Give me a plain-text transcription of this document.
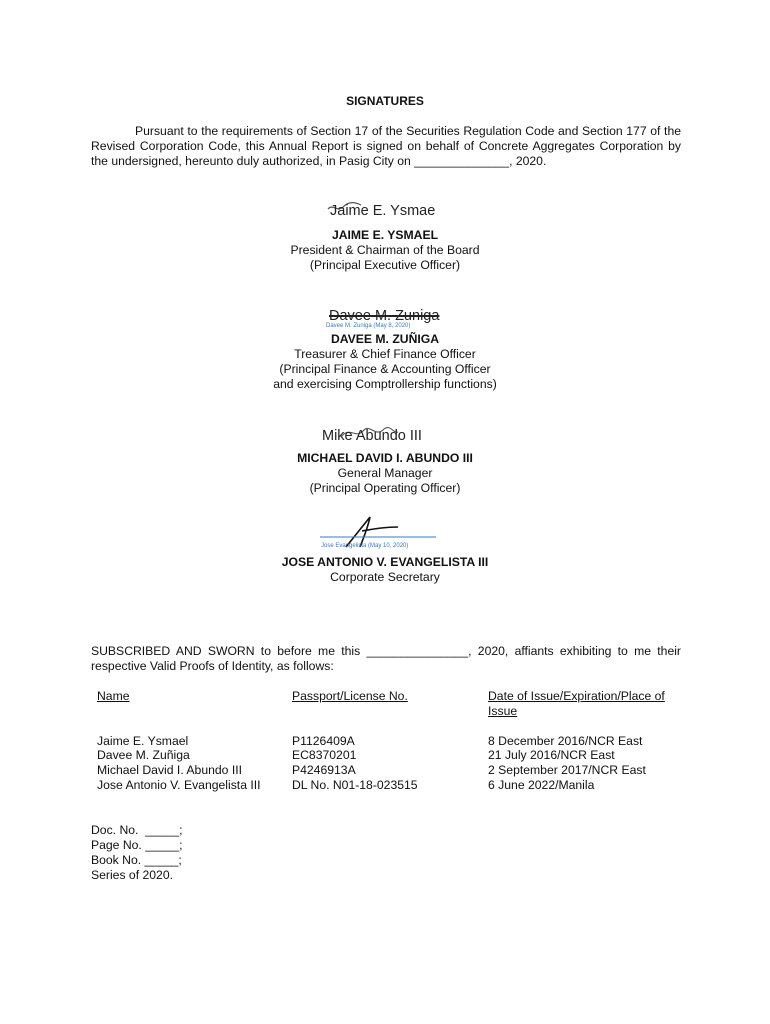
SIGNATURES
Pursuant to the requirements of Section 17 of the Securities Regulation Code and Section 177 of the Revised Corporation Code, this Annual Report is signed on behalf of Concrete Aggregates Corporation by the undersigned, hereunto duly authorized, in Pasig City on ______________, 2020.
Jaime E. Ysmae
JAIME E. YSMAEL
President & Chairman of the Board
(Principal Executive Officer)
Davee M. Zuniga
Davee M. Zuniga (May 8, 2020)
DAVEE M. ZUÑIGA
Treasurer & Chief Finance Officer
(Principal Finance & Accounting Officer
and exercising Comptrollership functions)
Mike Abundo III
MICHAEL DAVID I. ABUNDO III
General Manager
(Principal Operating Officer)
Jose Evangelista (May 10, 2020)
JOSE ANTONIO V. EVANGELISTA III
Corporate Secretary
SUBSCRIBED AND SWORN to before me this _______________, 2020, affiants exhibiting to me their respective Valid Proofs of Identity, as follows:
Name	Passport/License No.	Date of Issue/Expiration/Place of
Issue
Jaime E. Ysmael	P1126409A	8 December 2016/NCR East
Davee M. Zuñiga	EC8370201	21 July 2016/NCR East
Michael David I. Abundo III	P4246913A	2 September 2017/NCR East
Jose Antonio V. Evangelista III	DL No. N01-18-023515	6 June 2022/Manila
Doc. No.  _____;
Page No. _____;
Book No. _____;
Series of 2020.
